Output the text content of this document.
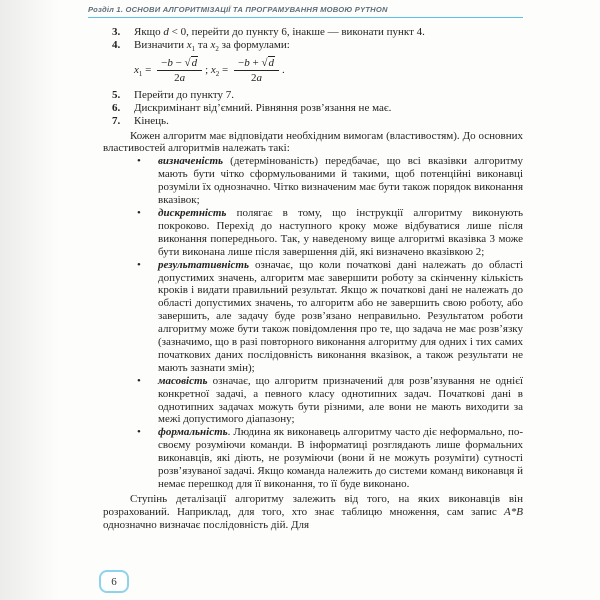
Розділ 1. ОСНОВИ АЛГОРИТМІЗАЦІЇ ТА ПРОГРАМУВАННЯ МОВОЮ PYTHON
3.	Якщо d < 0, перейти до пункту 6, інакше — виконати пункт 4.
4.	Визначити $x_1$ та $x_2$ за формулами:
$x_1 = \frac{-b - √d}{2a}$ ; $x_2 = \frac{-b + √d}{2a}$ .
5.	Перейти до пункту 7.
6.	Дискримінант від’ємний. Рівняння розв’язання не має.
7.	Кінець.

Кожен алгоритм має відповідати необхідним вимогам (властивостям). До основних властивостей алгоритмів належать такі:

•	визначеність (детермінованість) передбачає, що всі вказівки алгоритму мають бути чітко сформульованими й такими, щоб потенційні виконавці розуміли їх однозначно. Чітко визначеним має бути також порядок виконання вказівок;
•	дискретність полягає в тому, що інструкції алгоритму виконують покроково. Перехід до наступного кроку може відбуватися лише після виконання попереднього. Так, у наведеному вище алгоритмі вказівка 3 може бути виконана лише після завершення дій, які визначено вказівкою 2;
•	результативність означає, що коли початкові дані належать до області допустимих значень, алгоритм має завершити роботу за скінченну кількість кроків і видати правильний результат. Якщо ж початкові дані не належать до області допустимих значень, то алгоритм або не завершить свою роботу, або завершить, але задачу буде розв’язано неправильно. Результатом роботи алгоритму може бути також повідомлення про те, що задача не має розв’язку (зазначимо, що в разі повторного виконання алгоритму для одних і тих самих початкових даних послідовність виконання вказівок, а також результати не мають зазнати змін);
•	масовість означає, що алгоритм призначений для розв’язування не однієї конкретної задачі, а певного класу однотипних задач. Початкові дані в однотипних задачах можуть бути різними, але вони не мають виходити за межі допустимого діапазону;
•	формальність. Людина як виконавець алгоритму часто діє неформально, по-своєму розуміючи команди. В інформатиці розглядають лише формальних виконавців, які діють, не розуміючи (вони й не можуть розуміти) сутності розв’язуваної задачі. Якщо команда належить до системи команд виконавця й немає перешкод для її виконання, то її буде виконано.

Ступінь деталізації алгоритму залежить від того, на яких виконавців він розрахований. Наприклад, для того, хто знає таблицю множення, сам запис A*B однозначно визначає послідовність дій. Для

6
